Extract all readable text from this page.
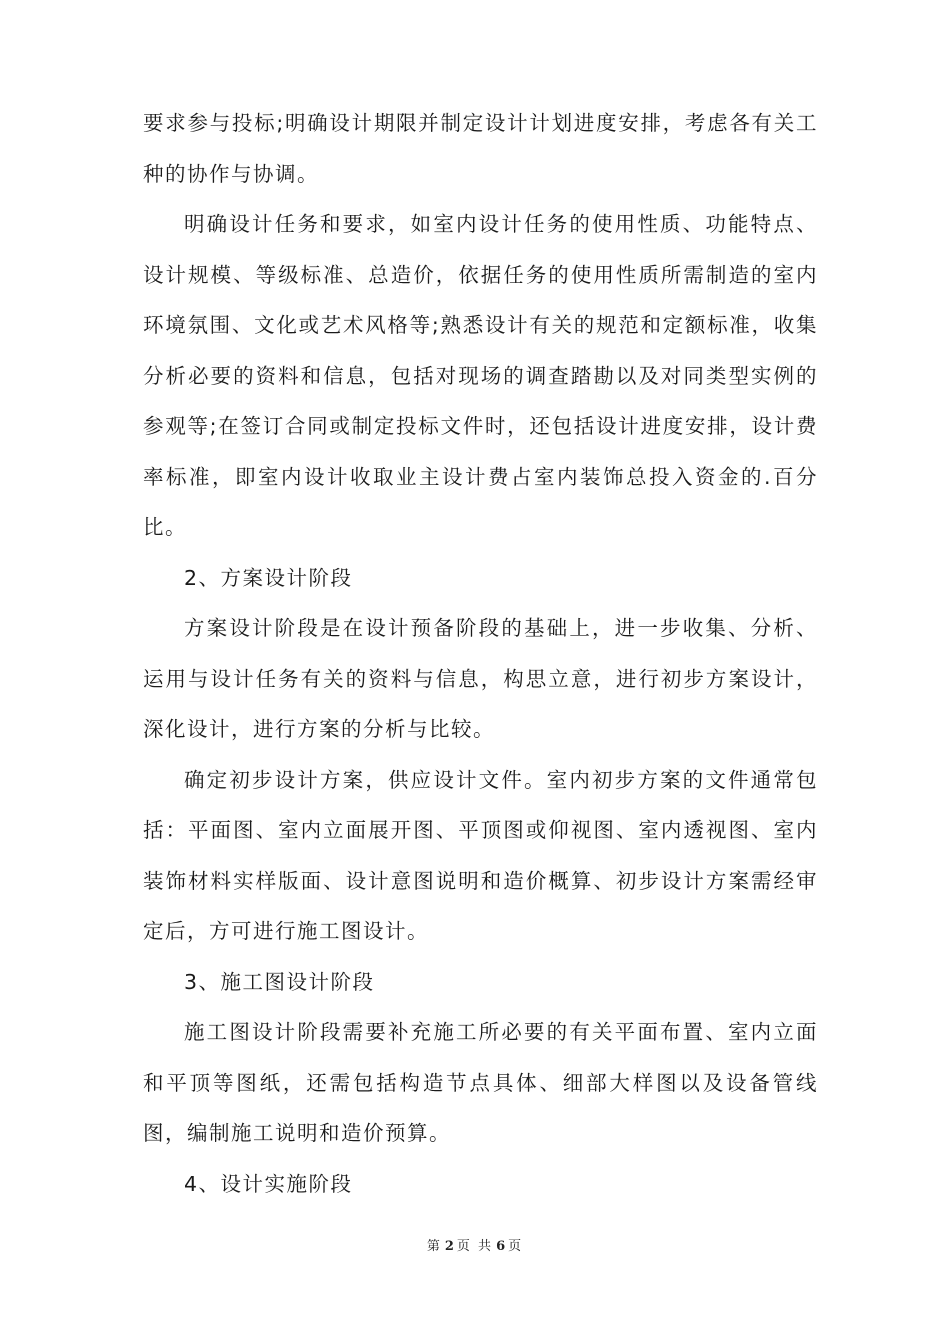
要求参与投标;明确设计期限并制定设计计划进度安排，考虑各有关工种的协作与协调。

明确设计任务和要求，如室内设计任务的使用性质、功能特点、设计规模、等级标准、总造价，依据任务的使用性质所需制造的室内环境氛围、文化或艺术风格等;熟悉设计有关的规范和定额标准，收集分析必要的资料和信息，包括对现场的调查踏勘以及对同类型实例的参观等;在签订合同或制定投标文件时，还包括设计进度安排，设计费率标准，即室内设计收取业主设计费占室内装饰总投入资金的.百分比。

2、方案设计阶段

方案设计阶段是在设计预备阶段的基础上，进一步收集、分析、运用与设计任务有关的资料与信息，构思立意，进行初步方案设计，深化设计，进行方案的分析与比较。

确定初步设计方案，供应设计文件。室内初步方案的文件通常包括：平面图、室内立面展开图、平顶图或仰视图、室内透视图、室内装饰材料实样版面、设计意图说明和造价概算、初步设计方案需经审定后，方可进行施工图设计。

3、施工图设计阶段

施工图设计阶段需要补充施工所必要的有关平面布置、室内立面和平顶等图纸，还需包括构造节点具体、细部大样图以及设备管线图，编制施工说明和造价预算。

4、设计实施阶段

第 2 页 共 6 页
